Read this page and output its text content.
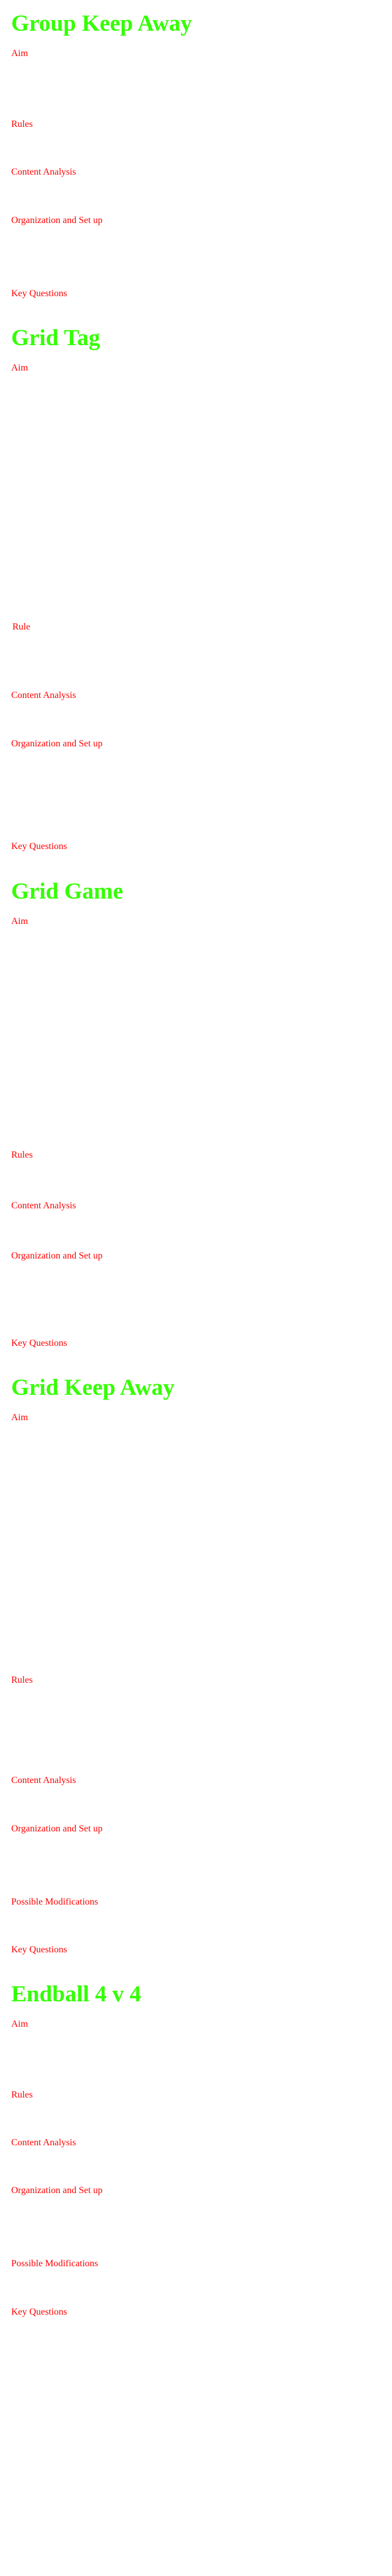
Group Keep Away
Aim
Rules
Content Analysis
Organization and Set up
Key Questions
Grid Tag
Aim
Rule
Content Analysis
Organization and Set up
Key Questions
Grid Game
Aim
Rules
Content Analysis
Organization and Set up
Key Questions
Grid Keep Away
Aim
Rules
Content Analysis
Organization and Set up
Possible Modifications
Key Questions
Endball 4 v 4
Aim
Rules
Content Analysis
Organization and Set up
Possible Modifications
Key Questions
